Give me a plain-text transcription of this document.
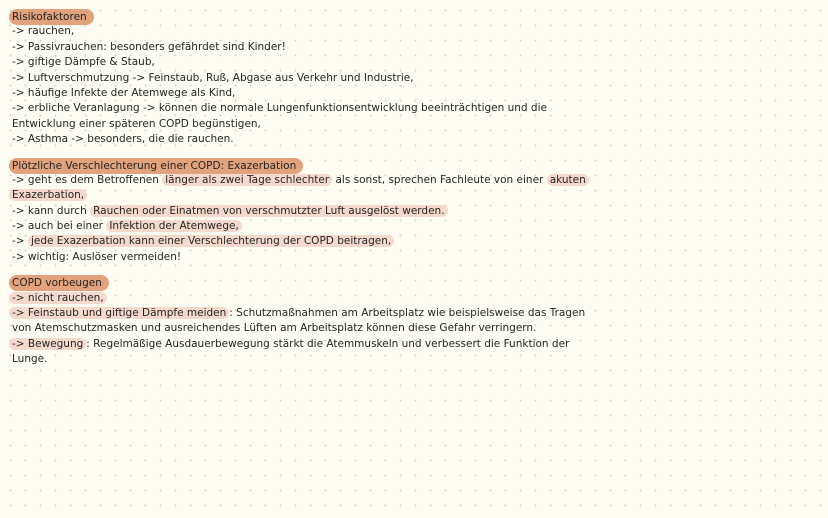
Risikofaktoren
-> rauchen,
-> Passivrauchen: besonders gefährdet sind Kinder!
-> giftige Dämpfe & Staub,
-> Luftverschmutzung -> Feinstaub, Ruß, Abgase aus Verkehr und Industrie,
-> häufige Infekte der Atemwege als Kind,
-> erbliche Veranlagung -> können die normale Lungenfunktionsentwicklung beeinträchtigen und die
Entwicklung einer späteren COPD begünstigen,
-> Asthma -> besonders, die die rauchen.
Plötzliche Verschlechterung einer COPD: Exazerbation
-> geht es dem Betroffenen länger als zwei Tage schlechter als sonst, sprechen Fachleute von einer akuten
Exazerbation,
-> kann durch Rauchen oder Einatmen von verschmutzter Luft ausgelöst werden.
-> auch bei einer Infektion der Atemwege,
-> jede Exazerbation kann einer Verschlechterung der COPD beitragen,
-> wichtig: Auslöser vermeiden!
COPD vorbeugen
-> nicht rauchen,
-> Feinstaub und giftige Dämpfe meiden : Schutzmaßnahmen am Arbeitsplatz wie beispielsweise das Tragen
von Atemschutzmasken und ausreichendes Lüften am Arbeitsplatz können diese Gefahr verringern.
-> Bewegung : Regelmäßige Ausdauerbewegung stärkt die Atemmuskeln und verbessert die Funktion der
Lunge.
